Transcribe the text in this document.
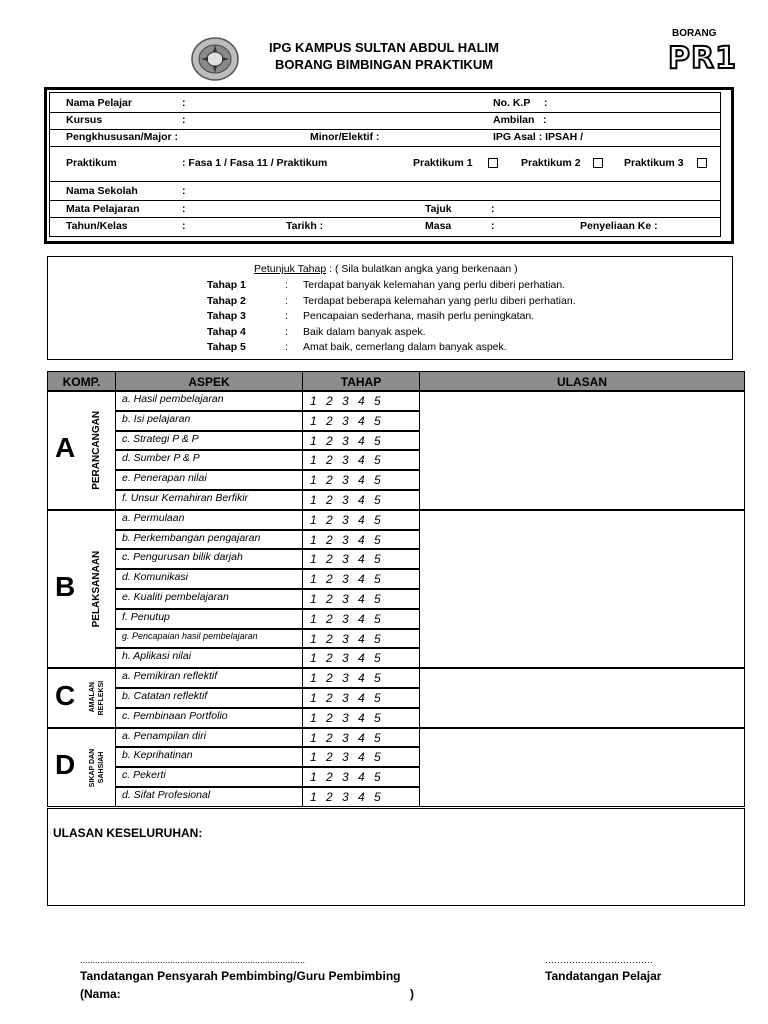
IPG KAMPUS SULTAN ABDUL HALIM
BORANG BIMBINGAN PRAKTIKUM
BORANG
PR1
Nama Pelajar	:	No. K.P :
Kursus	:	Ambilan :
Pengkhususan/Major :	Minor/Elektif :	IPG Asal : IPSAH /
Praktikum	: Fasa 1 / Fasa 11 / Praktikum	Praktikum 1	Praktikum 2	Praktikum 3
Nama Sekolah	:
Mata Pelajaran	:	Tajuk	:
Tahun/Kelas	:	Tarikh :	Masa	:	Penyeliaan Ke :
Petunjuk Tahap : ( Sila bulatkan angka yang berkenaan )
Tahap 1	: Terdapat banyak kelemahan yang perlu diberi perhatian.
Tahap 2	: Terdapat beberapa kelemahan yang perlu diberi perhatian.
Tahap 3	: Pencapaian sederhana, masih perlu peningkatan.
Tahap 4	: Baik dalam banyak aspek.
Tahap 5	: Amat baik, cemerlang dalam banyak aspek.
KOMP.	ASPEK	TAHAP	ULASAN
A PERANCANGAN
a. Hasil pembelajaran	1 2 3 4 5
b. Isi pelajaran	1 2 3 4 5
c. Strategi P & P	1 2 3 4 5
d. Sumber P & P	1 2 3 4 5
e. Penerapan nilai	1 2 3 4 5
f. Unsur Kemahiran Berfikir	1 2 3 4 5
B PELAKSANAAN
a. Permulaan	1 2 3 4 5
b. Perkembangan pengajaran	1 2 3 4 5
c. Pengurusan bilik darjah	1 2 3 4 5
d. Komunikasi	1 2 3 4 5
e. Kualiti pembelajaran	1 2 3 4 5
f. Penutup	1 2 3 4 5
g. Pencapaian hasil pembelajaran	1 2 3 4 5
h. Aplikasi nilai	1 2 3 4 5
C AMALAN REFLEKSI
a. Pemikiran reflektif	1 2 3 4 5
b. Catatan reflektif	1 2 3 4 5
c. Pembinaan Portfolio	1 2 3 4 5
D SIKAP DAN SAHSIAH
a. Penampilan diri	1 2 3 4 5
b. Keprihatinan	1 2 3 4 5
c. Pekerti	1 2 3 4 5
d. Sifat Profesional	1 2 3 4 5
ULASAN KESELURUHAN:
..........................................................................................
Tandatangan Pensyarah Pembimbing/Guru Pembimbing
(Nama:	)
………………………………
Tandatangan Pelajar
